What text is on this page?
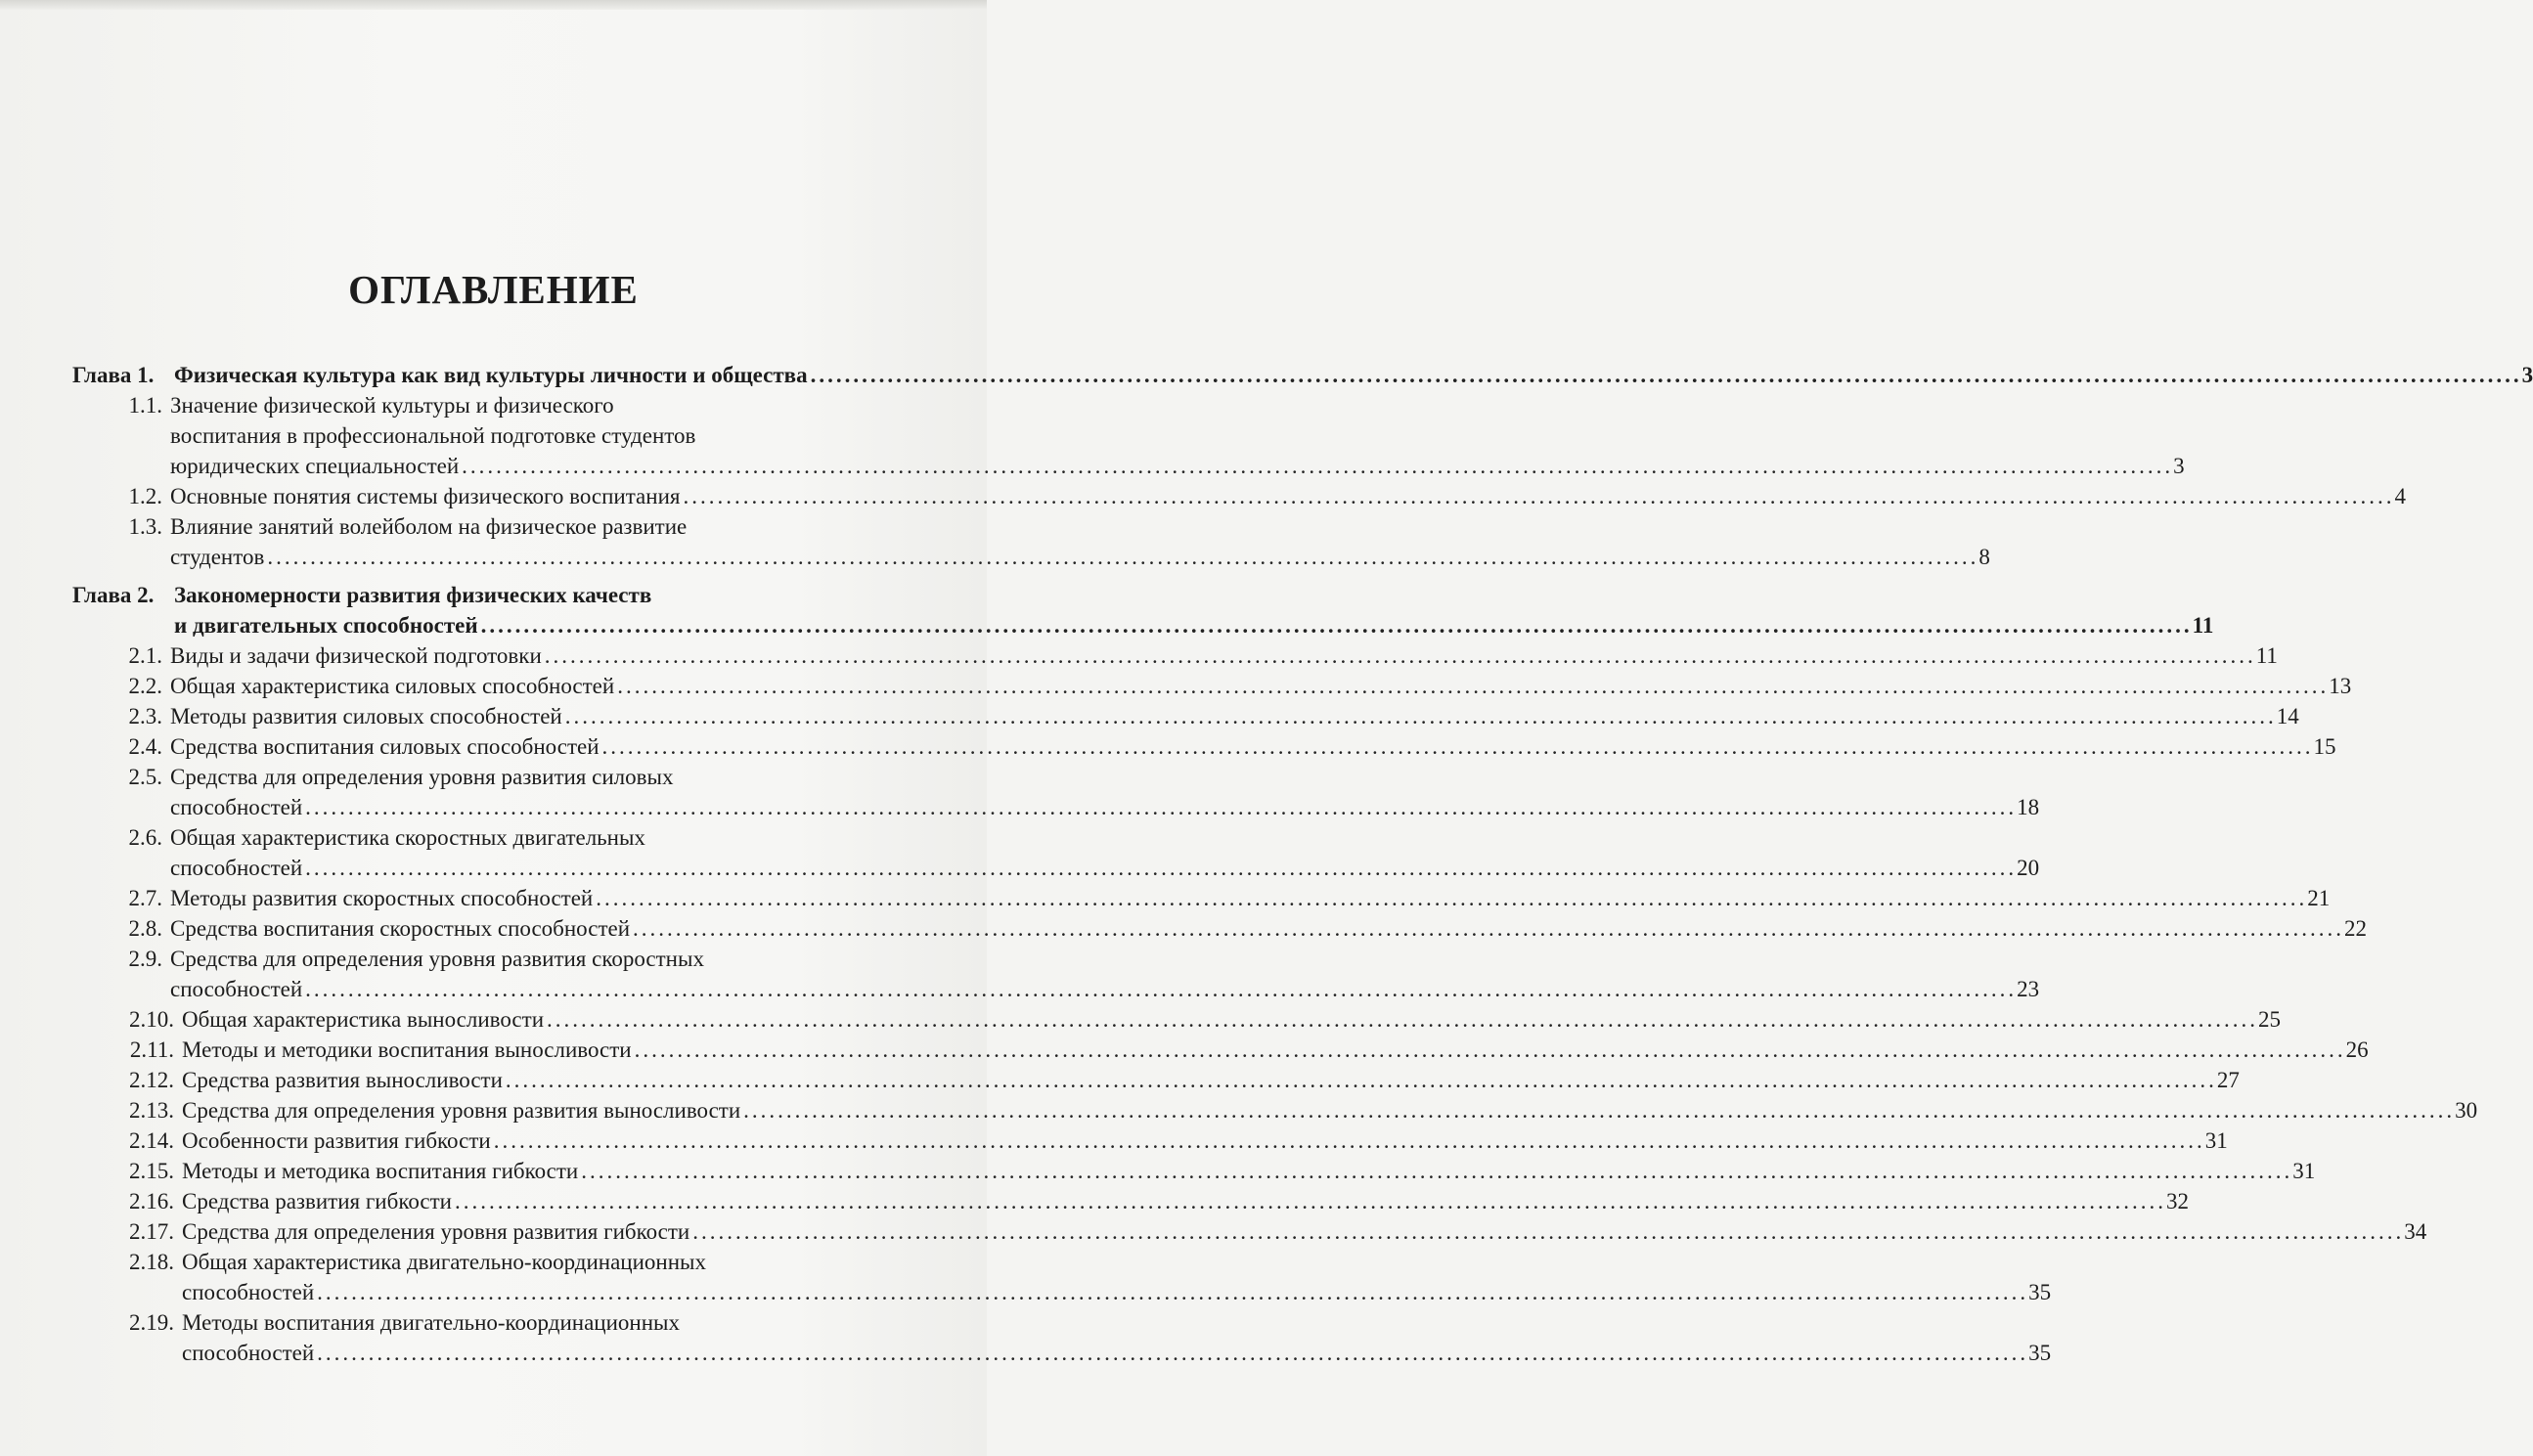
ОГЛАВЛЕНИЕ
Глава 1. Физическая культура как вид культуры личности и общества ........................................................................................................................................................................................................ 3
1.1. Значение физической культуры и физического
воспитания в профессиональной подготовке студентов
юридических специальностей ........................................................................................................................................................................................................ 3
1.2. Основные понятия системы физического воспитания ........................................................................................................................................................................................................ 4
1.3. Влияние занятий волейболом на физическое развитие
студентов ........................................................................................................................................................................................................ 8
Глава 2. Закономерности развития физических качеств
и двигательных способностей ........................................................................................................................................................................................................ 11
2.1. Виды и задачи физической подготовки ........................................................................................................................................................................................................ 11
2.2. Общая характеристика силовых способностей ........................................................................................................................................................................................................ 13
2.3. Методы развития силовых способностей ........................................................................................................................................................................................................ 14
2.4. Средства воспитания силовых способностей ........................................................................................................................................................................................................ 15
2.5. Средства для определения уровня развития силовых
способностей ........................................................................................................................................................................................................ 18
2.6. Общая характеристика скоростных двигательных
способностей ........................................................................................................................................................................................................ 20
2.7. Методы развития скоростных способностей ........................................................................................................................................................................................................ 21
2.8. Средства воспитания скоростных способностей ........................................................................................................................................................................................................ 22
2.9. Средства для определения уровня развития скоростных
способностей ........................................................................................................................................................................................................ 23
2.10. Общая характеристика выносливости ........................................................................................................................................................................................................ 25
2.11. Методы и методики воспитания выносливости ........................................................................................................................................................................................................ 26
2.12. Средства развития выносливости ........................................................................................................................................................................................................ 27
2.13. Средства для определения уровня развития выносливости ........................................................................................................................................................................................................ 30
2.14. Особенности развития гибкости ........................................................................................................................................................................................................ 31
2.15. Методы и методика воспитания гибкости ........................................................................................................................................................................................................ 31
2.16. Средства развития гибкости ........................................................................................................................................................................................................ 32
2.17. Средства для определения уровня развития гибкости ........................................................................................................................................................................................................ 34
2.18. Общая характеристика двигательно-координационных
способностей ........................................................................................................................................................................................................ 35
2.19. Методы воспитания двигательно-координационных
способностей ........................................................................................................................................................................................................ 35
